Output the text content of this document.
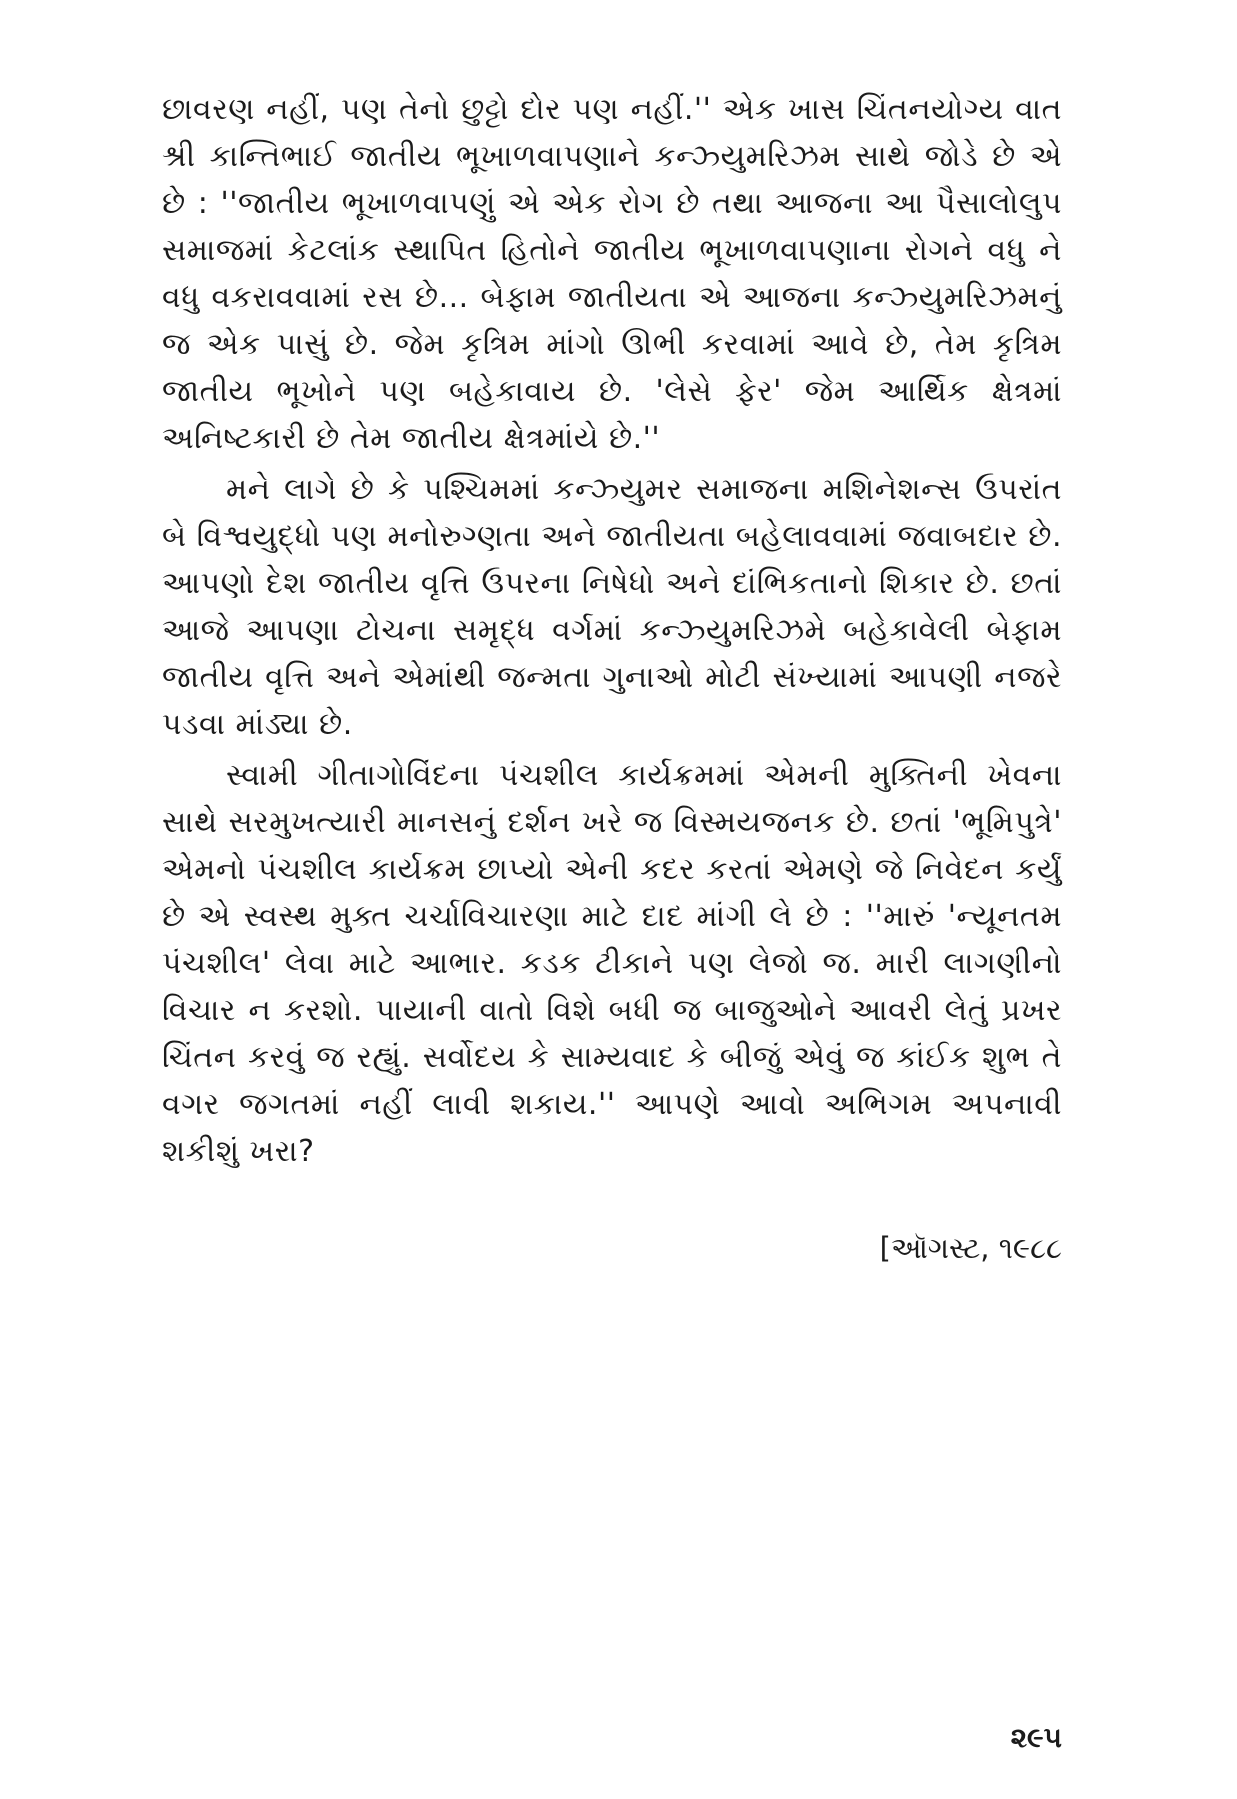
છાવરણ નહીં, પણ તેનો છુટ્ટો દોર પણ નહીં.'' એક ખાસ ચિંતનયોગ્ય વાત શ્રી કાન્તિભાઈ જાતીય ભૂખાળવાપણાને કન્ઝ્યુમરિઝમ સાથે જોડે છે એ છે : ''જાતીય ભૂખાળવાપણું એ એક રોગ છે તથા આજના આ પૈસાલોલુપ સમાજમાં કેટલાંક સ્થાપિત હિતોને જાતીય ભૂખાળવાપણાના રોગને વધુ ને વધુ વકરાવવામાં રસ છે... બેફામ જાતીયતા એ આજના કન્ઝ્યુમરિઝમનું જ એક પાસું છે. જેમ કૃત્રિમ માંગો ઊભી કરવામાં આવે છે, તેમ કૃત્રિમ જાતીય ભૂખોને પણ બહેકાવાય છે. 'લેસે ફેર' જેમ આર્થિક ક્ષેત્રમાં અનિષ્ટકારી છે તેમ જાતીય ક્ષેત્રમાંયે છે.''

મને લાગે છે કે પશ્ચિમમાં કન્ઝ્યુમર સમાજના મશિનેશન્સ ઉપરાંત બે વિશ્વયુદ્ધો પણ મનોરુગ્ણતા અને જાતીયતા બહેલાવવામાં જવાબદાર છે. આપણો દેશ જાતીય વૃત્તિ ઉપરના નિષેધો અને દાંભિકતાનો શિકાર છે. છતાં આજે આપણા ટોચના સમૃદ્ધ વર્ગમાં કન્ઝ્યુમરિઝમે બહેકાવેલી બેફામ જાતીય વૃત્તિ અને એમાંથી જન્મતા ગુનાઓ મોટી સંખ્યામાં આપણી નજરે પડવા માંડ્યા છે.

સ્વામી ગીતાગોવિંદના પંચશીલ કાર્યક્રમમાં એમની મુક્તિની ખેવના સાથે સરમુખત્યારી માનસનું દર્શન ખરે જ વિસ્મયજનક છે. છતાં 'ભૂમિપુત્રે' એમનો પંચશીલ કાર્યક્રમ છાપ્યો એની કદર કરતાં એમણે જે નિવેદન કર્યું છે એ સ્વસ્થ મુક્ત ચર્ચાવિચારણા માટે દાદ માંગી લે છે : ''મારું 'ન્યૂનતમ પંચશીલ' લેવા માટે આભાર. કડક ટીકાને પણ લેજો જ. મારી લાગણીનો વિચાર ન કરશો. પાયાની વાતો વિશે બધી જ બાજુઓને આવરી લેતું પ્રખર ચિંતન કરવું જ રહ્યું. સર્વોદય કે સામ્યવાદ કે બીજું એવું જ કાંઈક શુભ તે વગર જગતમાં નહીં લાવી શકાય.'' આપણે આવો અભિગમ અપનાવી શકીશું ખરા?

[ઑગસ્ટ, ૧૯૮૮
૨૯૫
